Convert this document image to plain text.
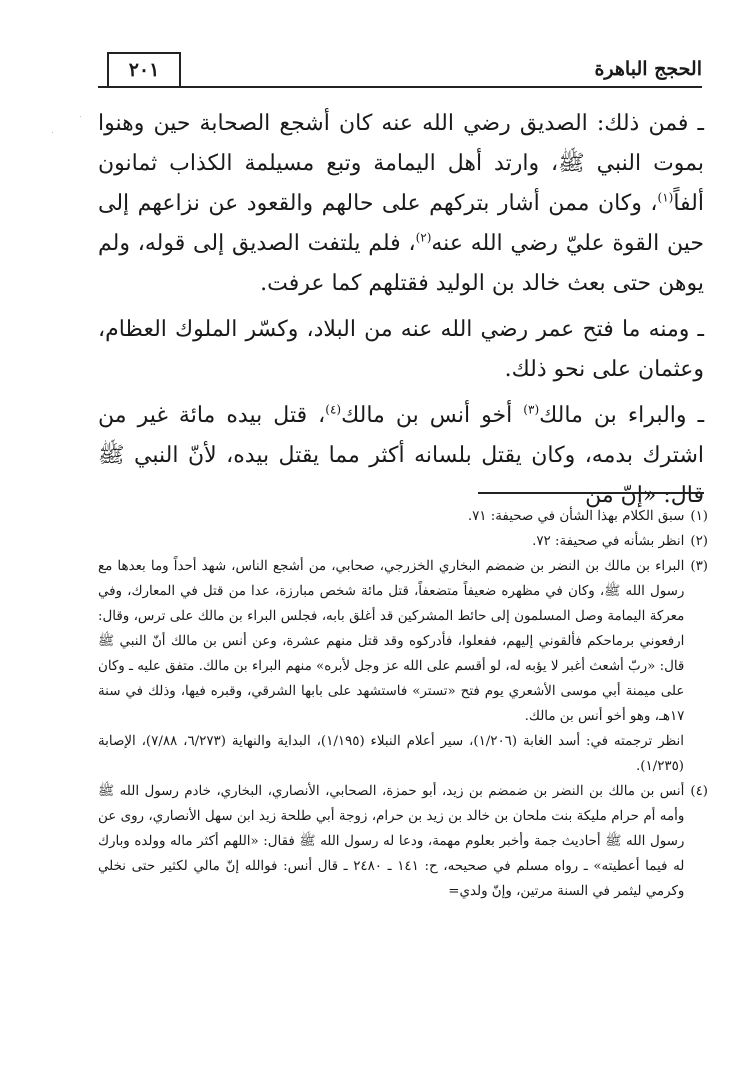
٢٠١	الحجج الباهرة

ـ فمن ذلك: الصديق رضي الله عنه كان أشجع الصحابة حين وهنوا بموت النبي ﷺ، وارتد أهل اليمامة وتبع مسيلمة الكذاب ثمانون ألفاً$^{(١)}$، وكان ممن أشار بتركهم على حالهم والقعود عن نزاعهم إلى حين القوة عليّ رضي الله عنه$^{(٢)}$، فلم يلتفت الصديق إلى قوله، ولم يوهن حتى بعث خالد بن الوليد فقتلهم كما عرفت.

ـ ومنه ما فتح عمر رضي الله عنه من البلاد، وكسّر الملوك العظام، وعثمان على نحو ذلك.

ـ والبراء بن مالك$^{(٣)}$ أخو أنس بن مالك$^{(٤)}$، قتل بيده مائة غير من اشترك بدمه، وكان يقتل بلسانه أكثر مما يقتل بيده، لأنّ النبي ﷺ قال: «إنّ من

(١)
سبق الكلام بهذا الشأن في صحيفة: ٧١.
(٢)
انظر بشأنه في صحيفة: ٧٢.
(٣)
البراء بن مالك بن النضر بن ضمضم البخاري الخزرجي، صحابي، من أشجع الناس، شهد أحداً وما بعدها مع رسول الله ﷺ، وكان في مظهره ضعيفاً متضعفاً، قتل مائة شخص مبارزة، عدا من قتل في المعارك، وفي معركة اليمامة وصل المسلمون إلى حائط المشركين قد أغلق بابه، فجلس البراء بن مالك على ترس، وقال: ارفعوني برماحكم فألقوني إليهم، ففعلوا، فأدركوه وقد قتل منهم عشرة، وعن أنس بن مالك أنّ النبي ﷺ قال: «ربّ أشعث أغبر لا يؤبه له، لو أقسم على الله عز وجل لأبره» منهم البراء بن مالك. متفق عليه ـ وكان على ميمنة أبي موسى الأشعري يوم فتح «تستر» فاستشهد على بابها الشرقي، وقبره فيها، وذلك في سنة ١٧هـ، وهو أخو أنس بن مالك.

انظر ترجمته في: أسد الغابة (١/٢٠٦)، سير أعلام النبلاء (١/١٩٥)، البداية والنهاية (٦/٢٧٣، ٧/٨٨)، الإصابة (١/٢٣٥).

(٤)
أنس بن مالك بن النضر بن ضمضم بن زيد، أبو حمزة، الصحابي، الأنصاري، البخاري، خادم رسول الله ﷺ وأمه أم حرام مليكة بنت ملحان بن خالد بن زيد بن حرام، زوجة أبي طلحة زيد ابن سهل الأنصاري، روى عن رسول الله ﷺ أحاديث جمة وأخبر بعلوم مهمة، ودعا له رسول الله ﷺ فقال: «اللهم أكثر ماله وولده وبارك له فيما أعطيته» ـ رواه مسلم في صحيحه، ح: ١٤١ ـ ٢٤٨٠ ـ قال أنس: فوالله إنّ مالي لكثير حتى نخلي وكرمي ليثمر في السنة مرتين، وإنّ ولدي=
